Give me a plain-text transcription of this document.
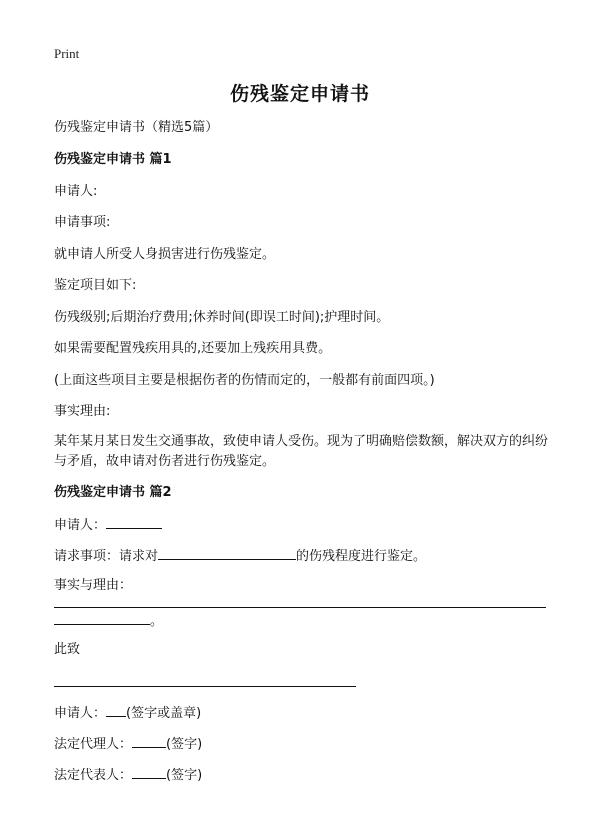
Print
伤残鉴定申请书
伤残鉴定申请书（精选5篇）
伤残鉴定申请书 篇1
申请人:
申请事项:
就申请人所受人身损害进行伤残鉴定。
鉴定项目如下:
伤残级别;后期治疗费用;休养时间(即误工时间);护理时间。
如果需要配置残疾用具的,还要加上残疾用具费。
(上面这些项目主要是根据伤者的伤情而定的，一般都有前面四项。)
事实理由:
某年某月某日发生交通事故，致使申请人受伤。现为了明确赔偿数额，解决双方的纠纷与矛盾，故申请对伤者进行伤残鉴定。
伤残鉴定申请书 篇2
申请人：
请求事项：请求对	的伤残程度进行鉴定。
事实与理由：
。
此致
申请人： (签字或盖章)
法定代理人：	(签字)
法定代表人：	(签字)
